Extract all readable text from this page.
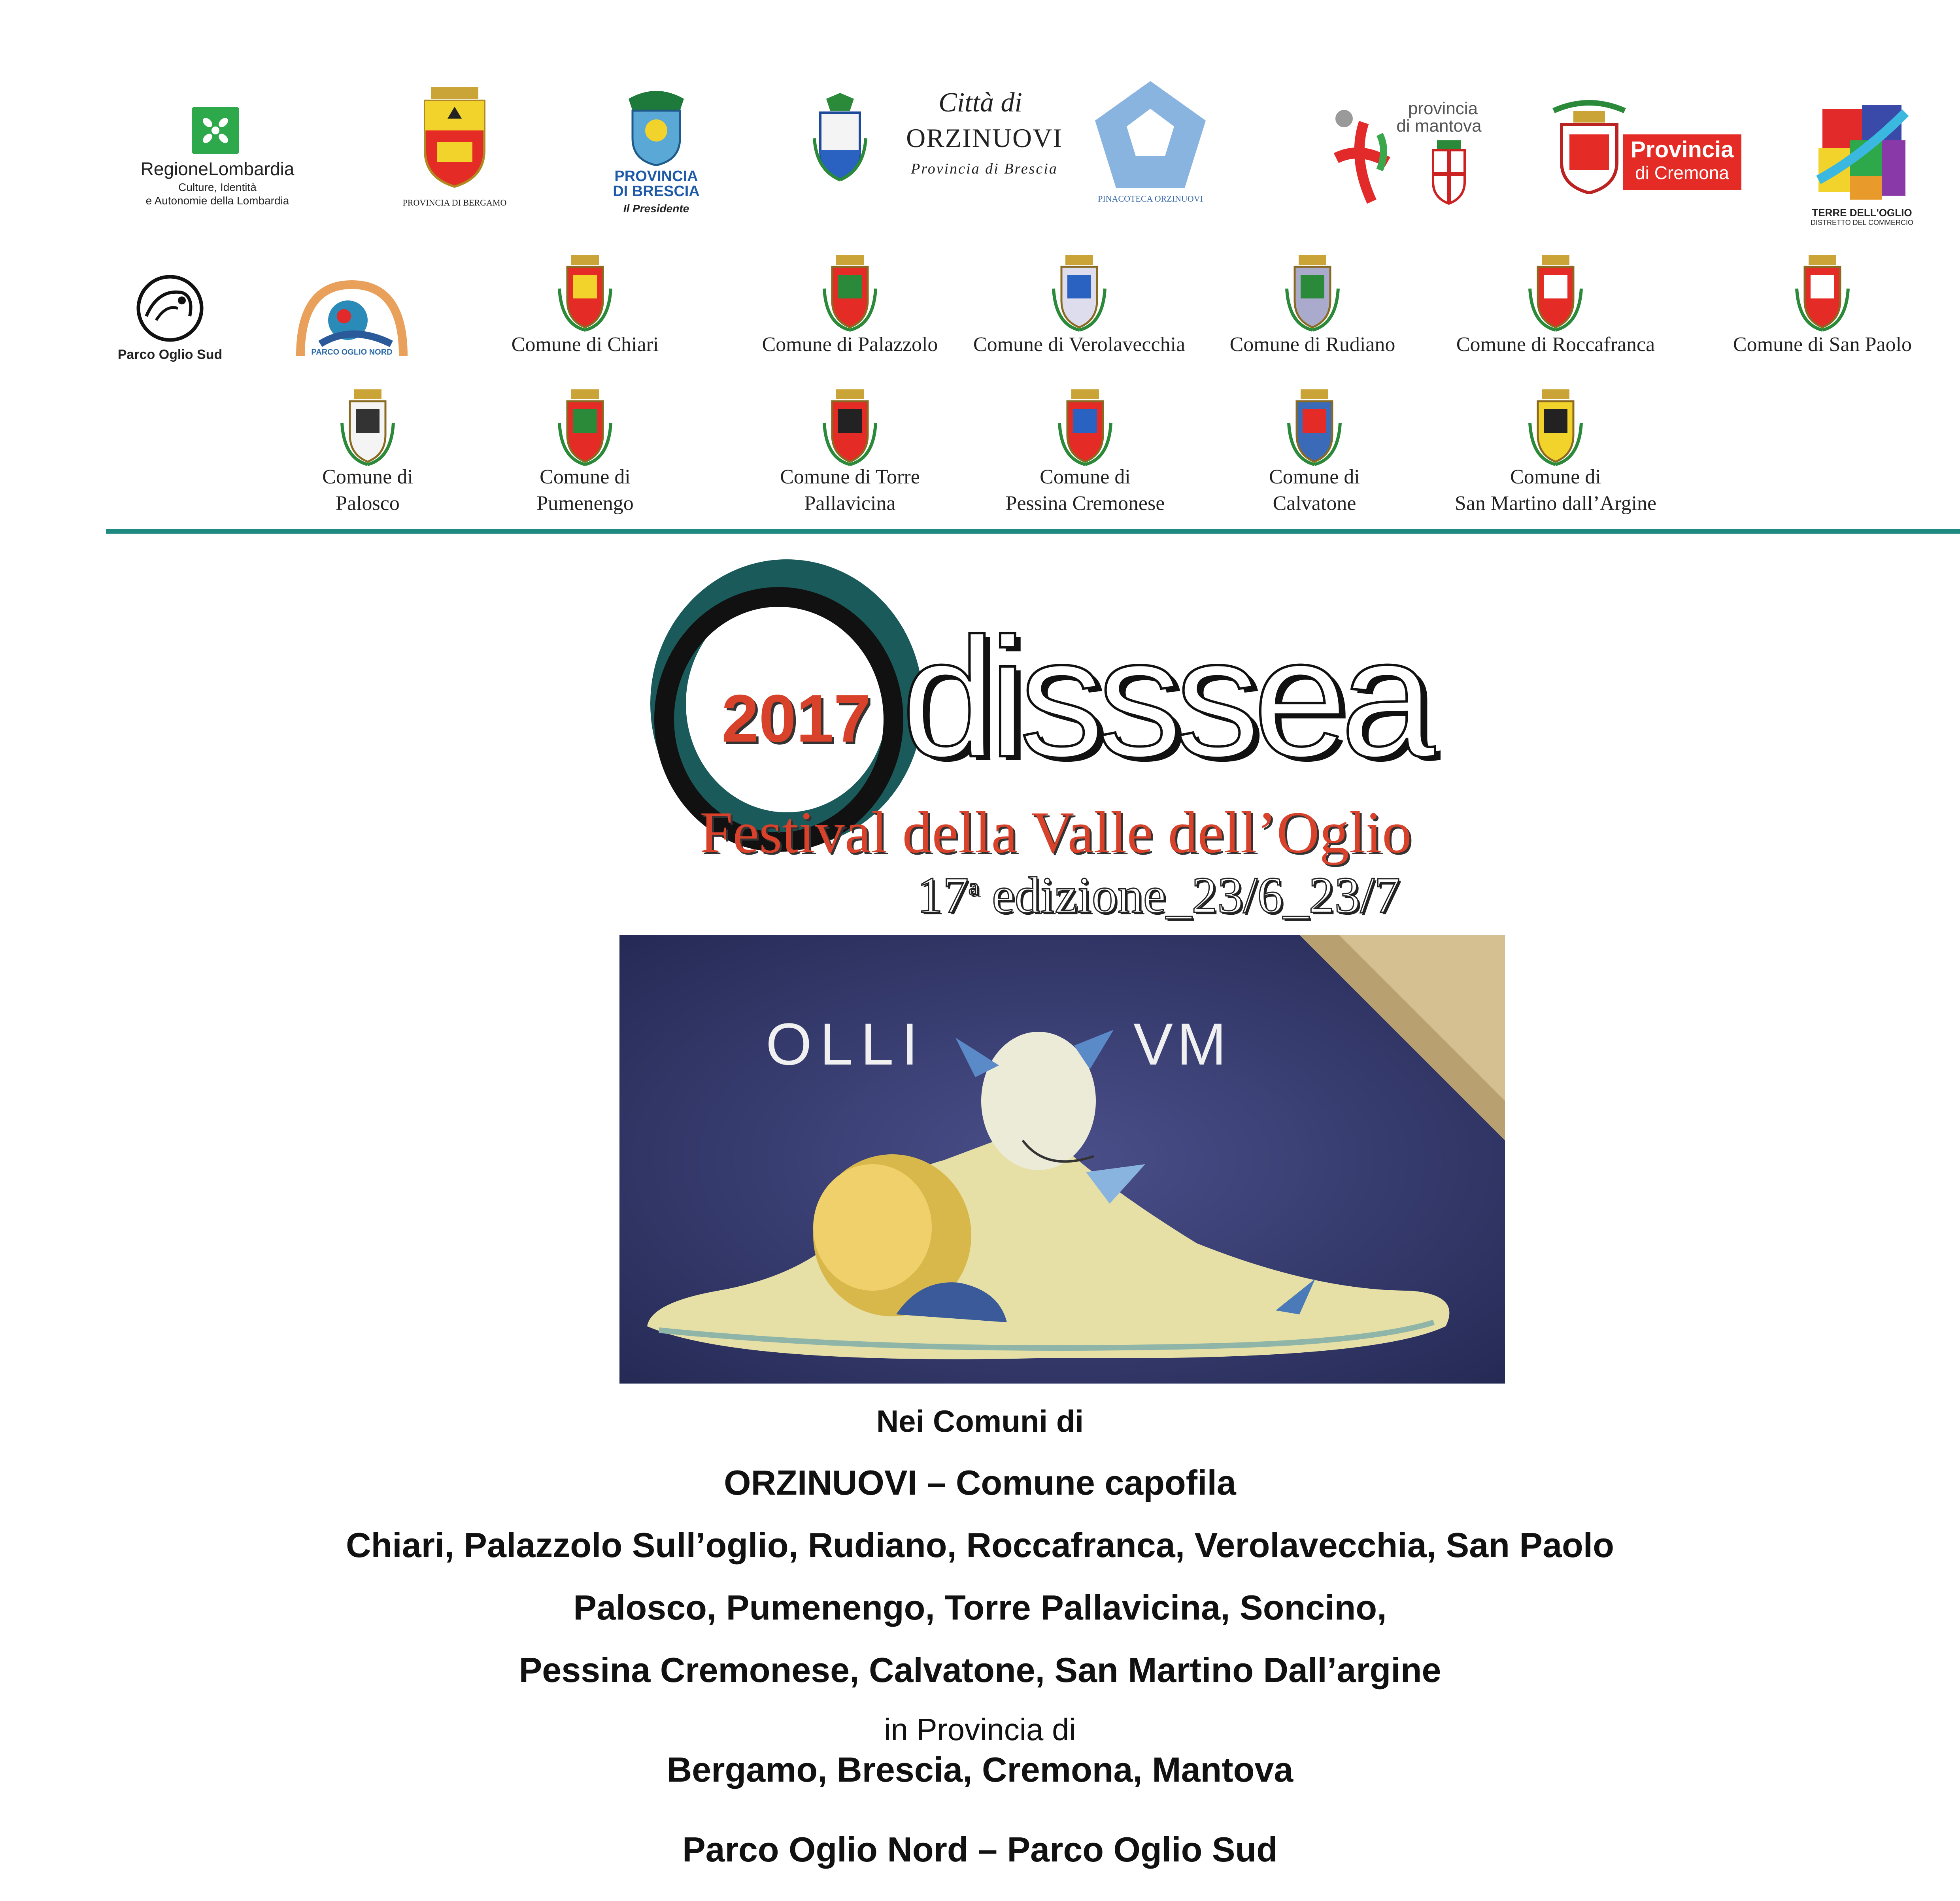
RegioneLombardia
Culture, Identità
e Autonomie della Lombardia	PROVINCIA DI BERGAMO
PROVINCIA
DI BRESCIA
Il Presidente
Città di
ORZINUOVI
Provincia di Brescia
PINACOTECA ORZINUOVI
provincia
di mantova
Provincia
di Cremona
TERRE DELL'OGLIO
DISTRETTO DEL COMMERCIO
Parco Oglio Sud	PARCO OGLIO NORD	Comune di Chiari	Comune di Palazzolo	Comune di Verolavecchia	Comune di Rudiano	Comune di Roccafranca	Comune di San Paolo
Comune di
Palosco
Comune di
Pumenengo
Comune di Torre
Pallavicina
Comune di
Pessina Cremonese
Comune di
Calvatone
Comune di
San Martino dall’Argine
2017 disssea
Festival della Valle dell’Oglio
17$^a$ edizione_23/6_23/7
OLLI	VM
Nei Comuni di
ORZINUOVI – Comune capofila
Chiari, Palazzolo Sull’oglio, Rudiano, Roccafranca, Verolavecchia, San Paolo
Palosco, Pumenengo, Torre Pallavicina, Soncino,
Pessina Cremonese, Calvatone, San Martino Dall’argine
in Provincia di
Bergamo, Brescia, Cremona, Mantova
Parco Oglio Nord – Parco Oglio Sud
